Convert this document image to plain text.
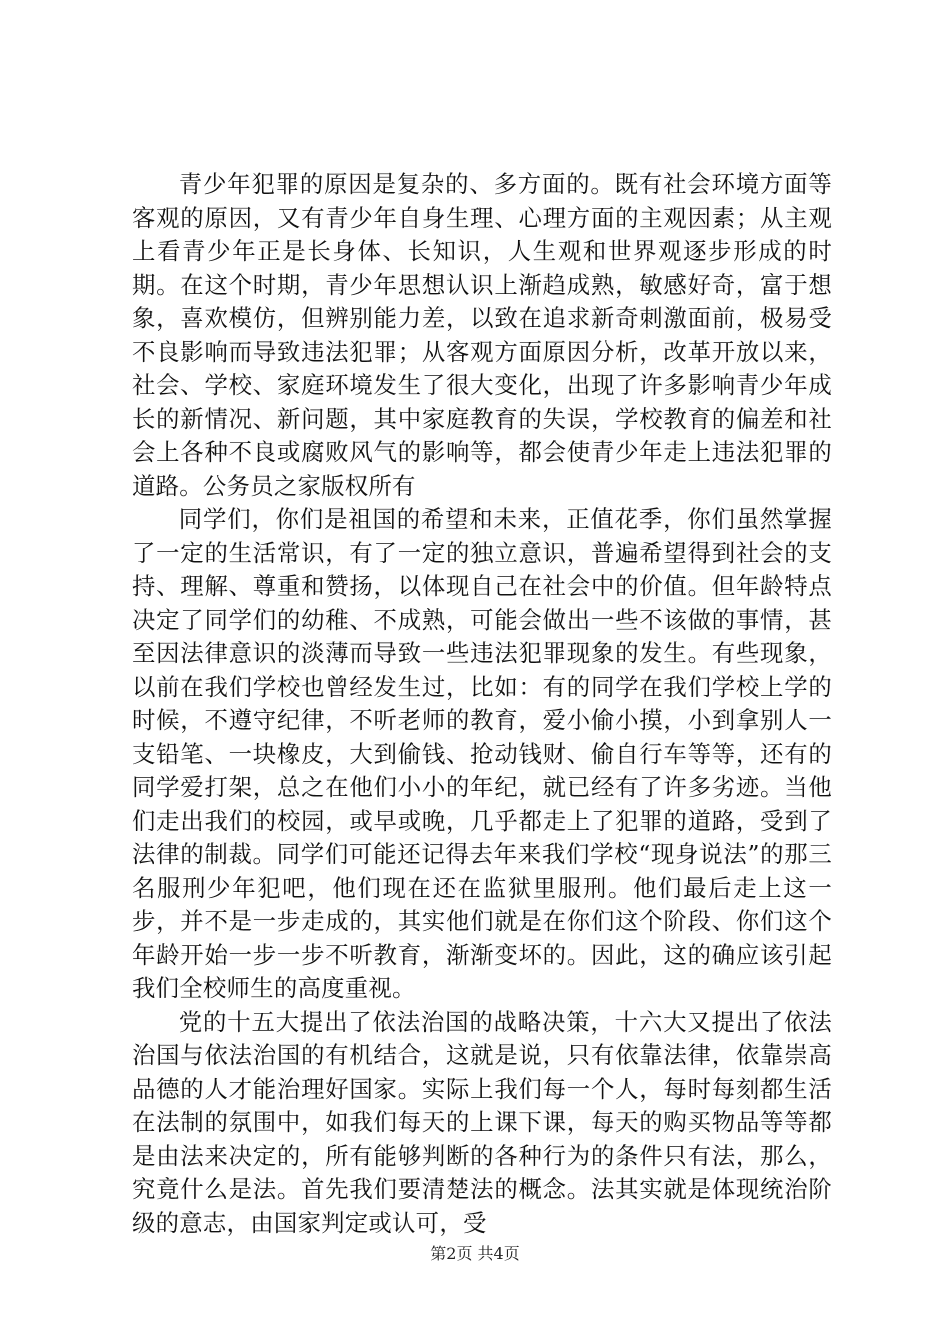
青少年犯罪的原因是复杂的、多方面的。既有社会环境方面等客观的原因，又有青少年自身生理、心理方面的主观因素；从主观上看青少年正是长身体、长知识，人生观和世界观逐步形成的时期。在这个时期，青少年思想认识上渐趋成熟，敏感好奇，富于想象，喜欢模仿，但辨别能力差，以致在追求新奇刺激面前，极易受不良影响而导致违法犯罪；从客观方面原因分析，改革开放以来，社会、学校、家庭环境发生了很大变化，出现了许多影响青少年成长的新情况、新问题，其中家庭教育的失误，学校教育的偏差和社会上各种不良或腐败风气的影响等，都会使青少年走上违法犯罪的道路。公务员之家版权所有

同学们，你们是祖国的希望和未来，正值花季，你们虽然掌握了一定的生活常识，有了一定的独立意识，普遍希望得到社会的支持、理解、尊重和赞扬，以体现自己在社会中的价值。但年龄特点决定了同学们的幼稚、不成熟，可能会做出一些不该做的事情，甚至因法律意识的淡薄而导致一些违法犯罪现象的发生。有些现象，以前在我们学校也曾经发生过，比如：有的同学在我们学校上学的时候，不遵守纪律，不听老师的教育，爱小偷小摸，小到拿别人一支铅笔、一块橡皮，大到偷钱、抢动钱财、偷自行车等等，还有的同学爱打架，总之在他们小小的年纪，就已经有了许多劣迹。当他们走出我们的校园，或早或晚，几乎都走上了犯罪的道路，受到了法律的制裁。同学们可能还记得去年来我们学校“现身说法”的那三名服刑少年犯吧，他们现在还在监狱里服刑。他们最后走上这一步，并不是一步走成的，其实他们就是在你们这个阶段、你们这个年龄开始一步一步不听教育，渐渐变坏的。因此，这的确应该引起我们全校师生的高度重视。

党的十五大提出了依法治国的战略决策，十六大又提出了依法治国与依法治国的有机结合，这就是说，只有依靠法律，依靠崇高品德的人才能治理好国家。实际上我们每一个人，每时每刻都生活在法制的氛围中，如我们每天的上课下课，每天的购买物品等等都是由法来决定的，所有能够判断的各种行为的条件只有法，那么，究竟什么是法。首先我们要清楚法的概念。法其实就是体现统治阶级的意志，由国家判定或认可，受

第2页 共4页
